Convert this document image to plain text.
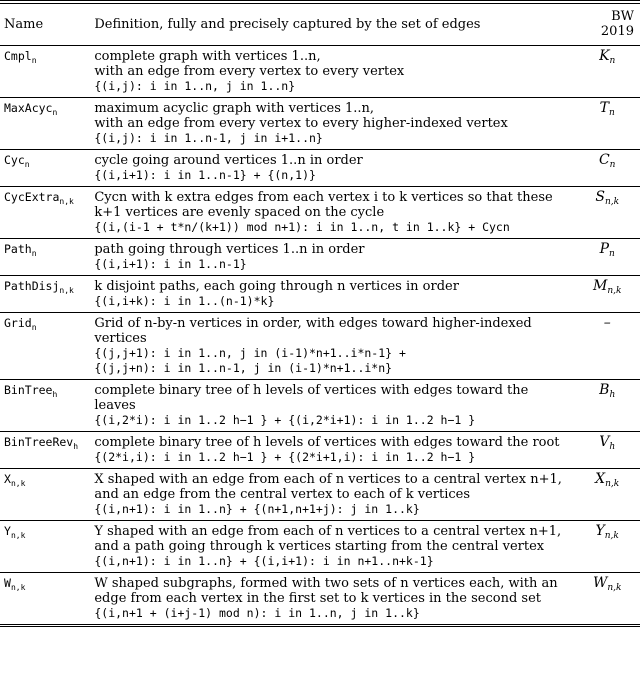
Name	Definition, fully and precisely captured by the set of edges	BW 2019
Cmpl$_n$	complete graph with vertices 1..n,
with an edge from every vertex to every vertex
{(i,j): i in 1..n, j in 1..n}	$K_n$
MaxAcyc$_n$	maximum acyclic graph with vertices 1..n,
with an edge from every vertex to every higher-indexed vertex
{(i,j): i in 1..n-1, j in i+1..n}	$T_n$
Cyc$_n$	cycle going around vertices 1..n in order
{(i,i+1): i in 1..n-1} + {(n,1)}	$C_n$
CycExtra$_{n,k}$	Cycn with k extra edges from each vertex i to k vertices so that these
k+1 vertices are evenly spaced on the cycle
{(i,(i-1 + t*n/(k+1)) mod n+1): i in 1..n, t in 1..k} + Cycn	$S_{n,k}$
Path$_n$	path going through vertices 1..n in order
{(i,i+1): i in 1..n-1}	$P_n$
PathDisj$_{n,k}$	k disjoint paths, each going through n vertices in order
{(i,i+k): i in 1..(n-1)*k}	$M_{n,k}$
Grid$_n$	Grid of n-by-n vertices in order, with edges toward higher-indexed
vertices
{(j,j+1): i in 1..n, j in (i-1)*n+1..i*n-1} +
{(j,j+n): i in 1..n-1, j in (i-1)*n+1..i*n}	–
BinTree$_h$	complete binary tree of h levels of vertices with edges toward the leaves
{(i,2*i): i in 1..2 h−1 } + {(i,2*i+1): i in 1..2 h−1 }	$B_h$
BinTreeRev$_h$	complete binary tree of h levels of vertices with edges toward the root
{(2*i,i): i in 1..2 h−1 } + {(2*i+1,i): i in 1..2 h−1 }	$V_h$
$X_{n,k}$	X shaped with an edge from each of n vertices to a central vertex n+1,
and an edge from the central vertex to each of k vertices
{(i,n+1): i in 1..n} + {(n+1,n+1+j): j in 1..k}	$X_{n,k}$
$Y_{n,k}$	Y shaped with an edge from each of n vertices to a central vertex n+1,
and a path going through k vertices starting from the central vertex
{(i,n+1): i in 1..n} + {(i,i+1): i in n+1..n+k-1}	$Y_{n,k}$
$W_{n,k}$	W shaped subgraphs, formed with two sets of n vertices each, with an
edge from each vertex in the first set to k vertices in the second set
{(i,n+1 + (i+j-1) mod n): i in 1..n, j in 1..k}	$W_{n,k}$
